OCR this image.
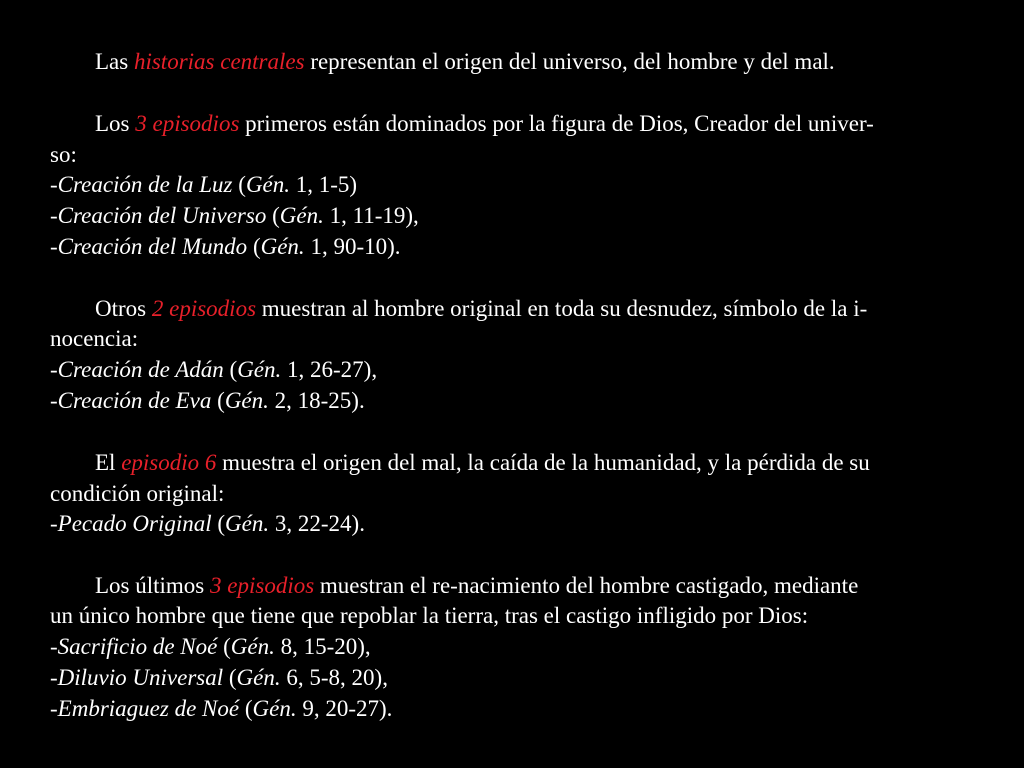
Las historias centrales representan el origen del universo, del hombre y del mal.
Los 3 episodios primeros están dominados por la figura de Dios, Creador del univer-
so:
-Creación de la Luz (Gén. 1, 1-5)
-Creación del Universo (Gén. 1, 11-19),
-Creación del Mundo (Gén. 1, 90-10).
Otros 2 episodios muestran al hombre original en toda su desnudez, símbolo de la i-
nocencia:
-Creación de Adán (Gén. 1, 26-27),
-Creación de Eva (Gén. 2, 18-25).
El episodio 6 muestra el origen del mal, la caída de la humanidad, y la pérdida de su
condición original:
-Pecado Original (Gén. 3, 22-24).
Los últimos 3 episodios muestran el re-nacimiento del hombre castigado, mediante
un único hombre que tiene que repoblar la tierra, tras el castigo infligido por Dios:
-Sacrificio de Noé (Gén. 8, 15-20),
-Diluvio Universal (Gén. 6, 5-8, 20),
-Embriaguez de Noé (Gén. 9, 20-27).
